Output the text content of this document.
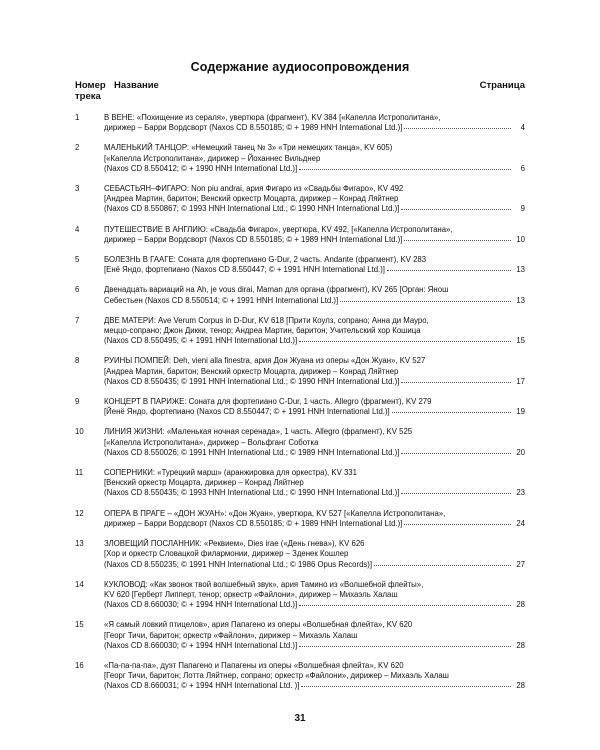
Содержание аудиосопровождения
Номер
трека
Название	Страница
1	В ВЕНЕ: «Похищение из сераля», увертюра (фрагмент), KV 384 [«Капелла Истрополитана»,
дирижер – Барри Вордсворт (Naxos CD 8.550185; © + 1989 HNH International Ltd.)]	4
2	МАЛЕНЬКИЙ ТАНЦОР: «Немецкий танец № 3» «Три немецких танца», KV 605)
[«Капелла Истрополитана», дирижер – Йоханнес Вильднер
(Naxos CD 8.550412; © + 1990 HNH International Ltd.)]	6
3	СЕБАСТЬЯН–ФИГАРО: Non piu andrai, ария Фигаро из «Свадьбы Фигаро», KV 492
[Андреа Мартин, баритон; Венский оркестр Моцарта, дирижер – Конрад Ляйтнер
(Naxos CD 8.550867; © 1993 HNH International Ltd.; © 1990 HNH International Ltd.)]	9
4	ПУТЕШЕСТВИЕ В АНГЛИЮ: «Свадьба Фигаро», увертюра, KV 492, [«Капелла Истрополитана»,
дирижер – Барри Вордсворт (Naxos CD 8.550185; © + 1989 HNH International Ltd.)]	10
5	БОЛЕЗНЬ В ГААГЕ: Соната для фортепиано G-Dur, 2 часть. Andante (фрагмент), KV 283
[Енё Яндо, фортепиано (Naxos CD 8.550447; © + 1991 HNH International Ltd.)]	13
6	Двенадцать вариаций на Ah, je vous dirai, Maman для органа (фрагмент), KV 265 [Орган: Янош
Себестьен (Naxos CD 8.550514; © + 1991 HNH International Ltd.)]	13
7	ДВЕ МАТЕРИ: Ave Verum Corpus in D-Dur, KV 618 [Прити Коулз, сопрано; Анна ди Мауро,
меццо-сопрано; Джон Дикки, тенор; Андреа Мартин, баритон; Учительский хор Кошица
(Naxos CD 8.550495; © + 1991 HNH International Ltd.)]	15
8	РУИНЫ ПОМПЕЙ: Deh, vieni alla finestra, ария Дон Жуана из оперы «Дон Жуан», KV 527
[Андреа Мартин, баритон; Венский оркестр Моцарта, дирижер – Конрад Ляйтнер
(Naxos CD 8.550435; © 1991 HNH International Ltd.; © 1990 HNH International Ltd.)]	17
9	КОНЦЕРТ В ПАРИЖЕ: Соната для фортепиано C-Dur, 1 часть. Allegro (фрагмент), KV 279
[Йенё Яндо, фортепиано (Naxos CD 8.550447; © + 1991 HNH International Ltd.)]	19
10	ЛИНИЯ ЖИЗНИ: «Маленькая ночная серенада», 1 часть. Allegro (фрагмент), KV 525
[«Капелла Истрополитана», дирижер – Вольфганг Соботка
(Naxos CD 8.550026; © 1991 HNH International Ltd.; © 1989 HNH International Ltd.)]	20
11	СОПЕРНИКИ: «Турецкий марш» (аранжировка для оркестра), KV 331
[Венский оркестр Моцарта, дирижер – Конрад Ляйтнер
(Naxos CD 8.550435; © 1993 HNH International Ltd.; © 1990 HNH International Ltd.)]	23
12	ОПЕРА В ПРАГЕ – «ДОН ЖУАН»: «Дон Жуан», увертюра, KV 527 [«Капелла Истрополитана»,
дирижер – Барри Вордсворт (Naxos CD 8.550185; © + 1989 HNH International Ltd.)]	24
13	ЗЛОВЕЩИЙ ПОСЛАННИК: «Реквием», Dies irae («День гнева»), KV 626
[Хор и оркестр Словацкой филармонии, дирижер – Зденек Кошлер
(Naxos CD 8.550235; © 1991 HNH International Ltd.; © 1986 Opus Records)]	27
14	КУКЛОВОД: «Как звонок твой волшебный звук», ария Тамино из «Волшебной флейты»,
KV 620 [Герберт Липперт, тенор; оркестр «Файлони», дирижер – Михаэль Халаш
(Naxos CD 8.660030; © + 1994 HNH International Ltd.)]	28
15	«Я самый ловкий птицелов», ария Папагено из оперы «Волшебная флейта», KV 620
[Георг Тичи, баритон; оркестр «Файлони», дирижер – Михаэль Халаш
(Naxos CD 8.660030; © + 1994 HNH International Ltd.)]	28
16	«Па-па-па-па», дуэт Папагено и Папагены из оперы «Волшебная флейта», KV 620
[Георг Тичи, баритон; Лотта Ляйтнер, сопрано; оркестр «Файлони», дирижер – Михаэль Халаш
(Naxos CD 8.660031; © + 1994 HNH International Ltd. )]	28
31
